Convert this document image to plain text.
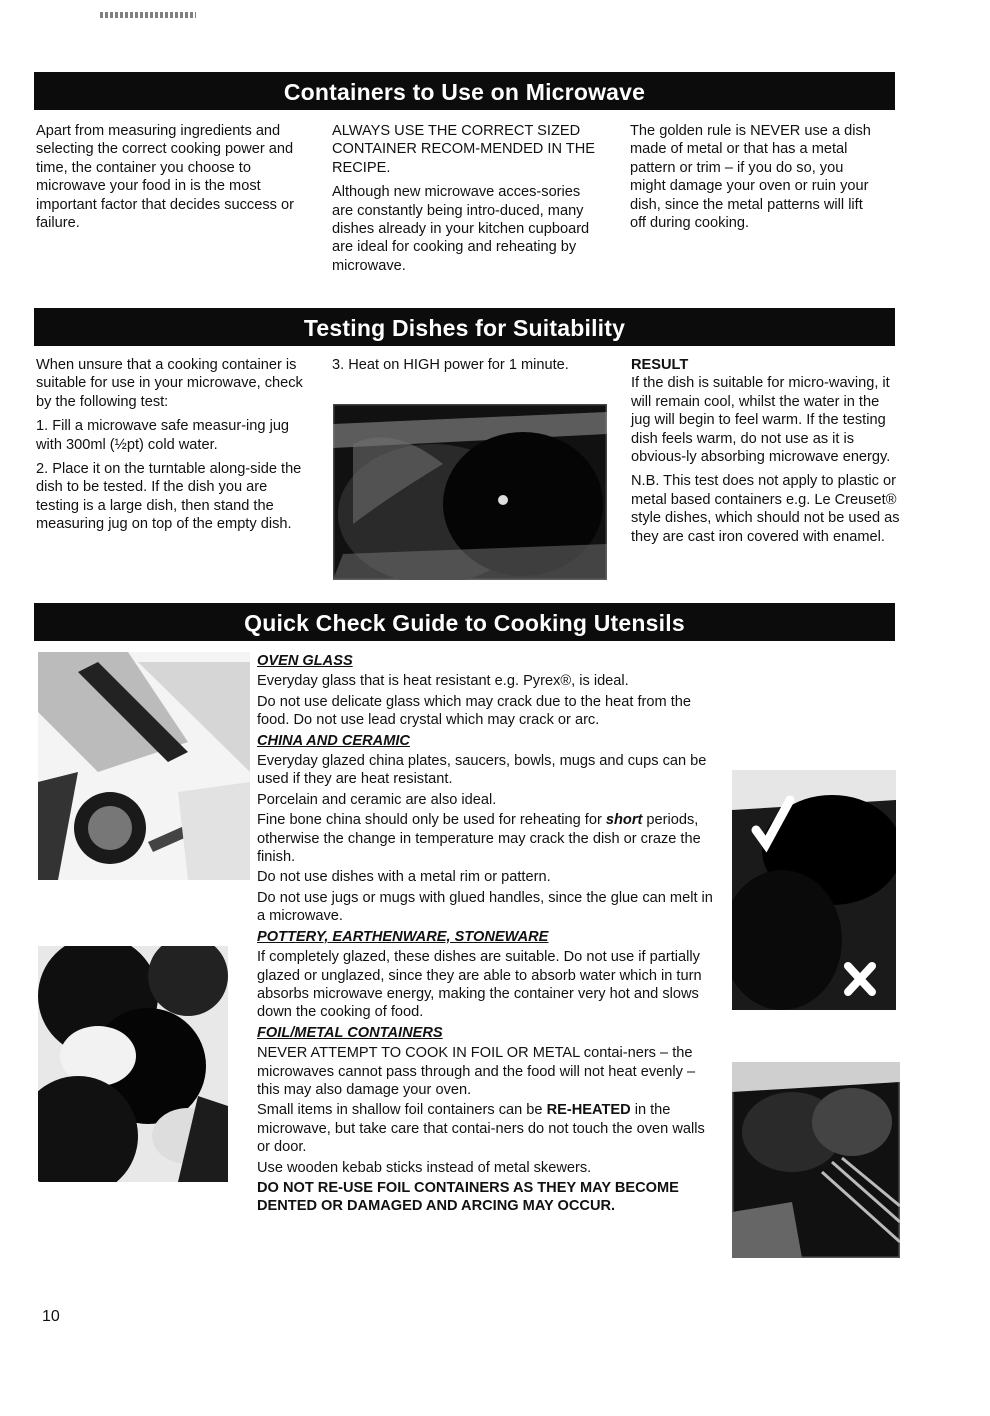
Containers to Use on Microwave

Apart from measuring ingredients and selecting the correct cooking power and time, the container you choose to microwave your food in is the most important factor that decides success or failure.

ALWAYS USE THE CORRECT SIZED CONTAINER RECOM-MENDED IN THE RECIPE.

Although new microwave acces-sories are constantly being intro-duced, many dishes already in your kitchen cupboard are ideal for cooking and reheating by microwave.

The golden rule is NEVER use a dish made of metal or that has a metal pattern or trim – if you do so, you might damage your oven or ruin your dish, since the metal patterns will lift off during cooking.

Testing Dishes for Suitability

When unsure that a cooking container is suitable for use in your microwave, check by the following test:

1. Fill a microwave safe measur-ing jug with 300ml (½pt) cold water.

2. Place it on the turntable along-side the dish to be tested. If the dish you are testing is a large dish, then stand the measuring jug on top of the empty dish.

3. Heat on HIGH power for 1 minute.	RESULT

If the dish is suitable for micro-waving, it will remain cool, whilst the water in the jug will begin to feel warm. If the testing dish feels warm, do not use as it is obvious-ly absorbing microwave energy.

N.B. This test does not apply to plastic or metal based containers e.g. Le Creuset® style dishes, which should not be used as they are cast iron covered with enamel.

Quick Check Guide to Cooking Utensils

OVEN GLASS

Everyday glass that is heat resistant e.g. Pyrex®, is ideal.

Do not use delicate glass which may crack due to the heat from the food. Do not use lead crystal which may crack or arc.

CHINA AND CERAMIC

Everyday glazed china plates, saucers, bowls, mugs and cups can be used if they are heat resistant.

Porcelain and ceramic are also ideal.

Fine bone china should only be used for reheating for short periods, otherwise the change in temperature may crack the dish or craze the finish.

Do not use dishes with a metal rim or pattern.

Do not use jugs or mugs with glued handles, since the glue can melt in a microwave.

POTTERY, EARTHENWARE, STONEWARE

If completely glazed, these dishes are suitable. Do not use if partially glazed or unglazed, since they are able to absorb water which in turn absorbs microwave energy, making the container very hot and slows down the cooking of food.

FOIL/METAL CONTAINERS

NEVER ATTEMPT TO COOK IN FOIL OR METAL contai-ners – the microwaves cannot pass through and the food will not heat evenly – this may also damage your oven.

Small items in shallow foil containers can be RE-HEATED in the microwave, but take care that contai-ners do not touch the oven walls or door.

Use wooden kebab sticks instead of metal skewers.

DO NOT RE-USE FOIL CONTAINERS AS THEY MAY BECOME DENTED OR DAMAGED AND ARCING MAY OCCUR.

10
